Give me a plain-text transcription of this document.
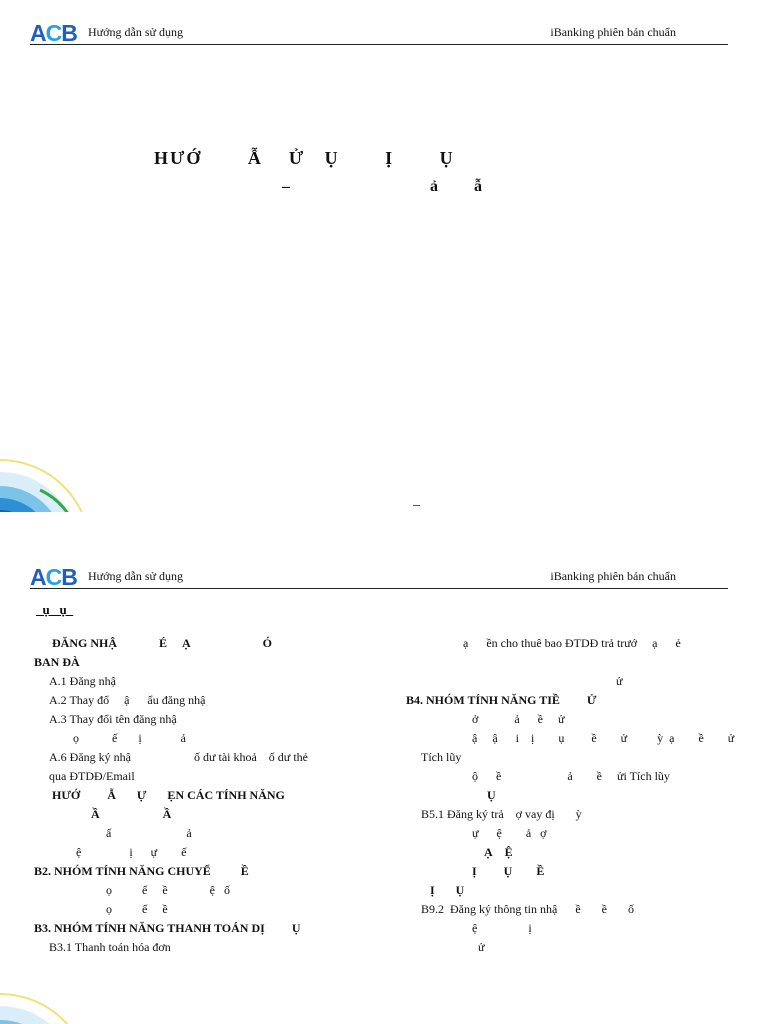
ACB Hướng dẫn sử dụng	iBanking phiên bản chuẩn
HƯỚ       Ẫ    Ử   Ụ       Ị       Ụ
–                                   ả         ẫ
ACB Hướng dẫn sử dụng	iBanking phiên bản chuẩn
ụ   ụ
ĐĂNG NHẬ              É     Ạ                        Ó
BAN ĐÀ
A.1 Đăng nhậ
A.2 Thay đổ     ậ      ẩu đăng nhậ
A.3 Thay đổi tên đăng nhậ
ọ           ế       ị             ả
A.6 Đăng ký nhậ                     ố dư tài khoả    ố dư thẻ
qua ĐTDĐ/Email
HƯỚ         Ẫ       Ự       ẸN CÁC TÍNH NĂNG
Ầ                     Ầ
ấ                         ả
ệ                ị      ự        ế
B2. NHÓM TÍNH NĂNG CHUYỂ          Ề
ọ          ế     ề              ệ   ố
ọ          ế     ề
B3. NHÓM TÍNH NĂNG THANH TOÁN DỊ         Ụ
B3.1 Thanh toán hóa đơn
ạ      ền cho thuê bao ĐTDĐ trả trướ     ạ      ẻ

ử
B4. NHÓM TÍNH NĂNG TIỀ         Ử
ở            ả      ề     ử
ậ     ậ      i    ị        ụ         ề        ử          ỳ  ạ        ề        ử
Tích lũy
ộ      ề                      ả        ề     ửi Tích lũy
Ụ
B5.1 Đăng ký trả    ợ vay đị       ỳ
ự      ệ        ả   ợ
Ạ    Ệ
Ị         Ụ        Ề
Ị       Ụ
B9.2  Đăng ký thông tin nhậ      ề       ề       ố
ệ                 ị
ử
